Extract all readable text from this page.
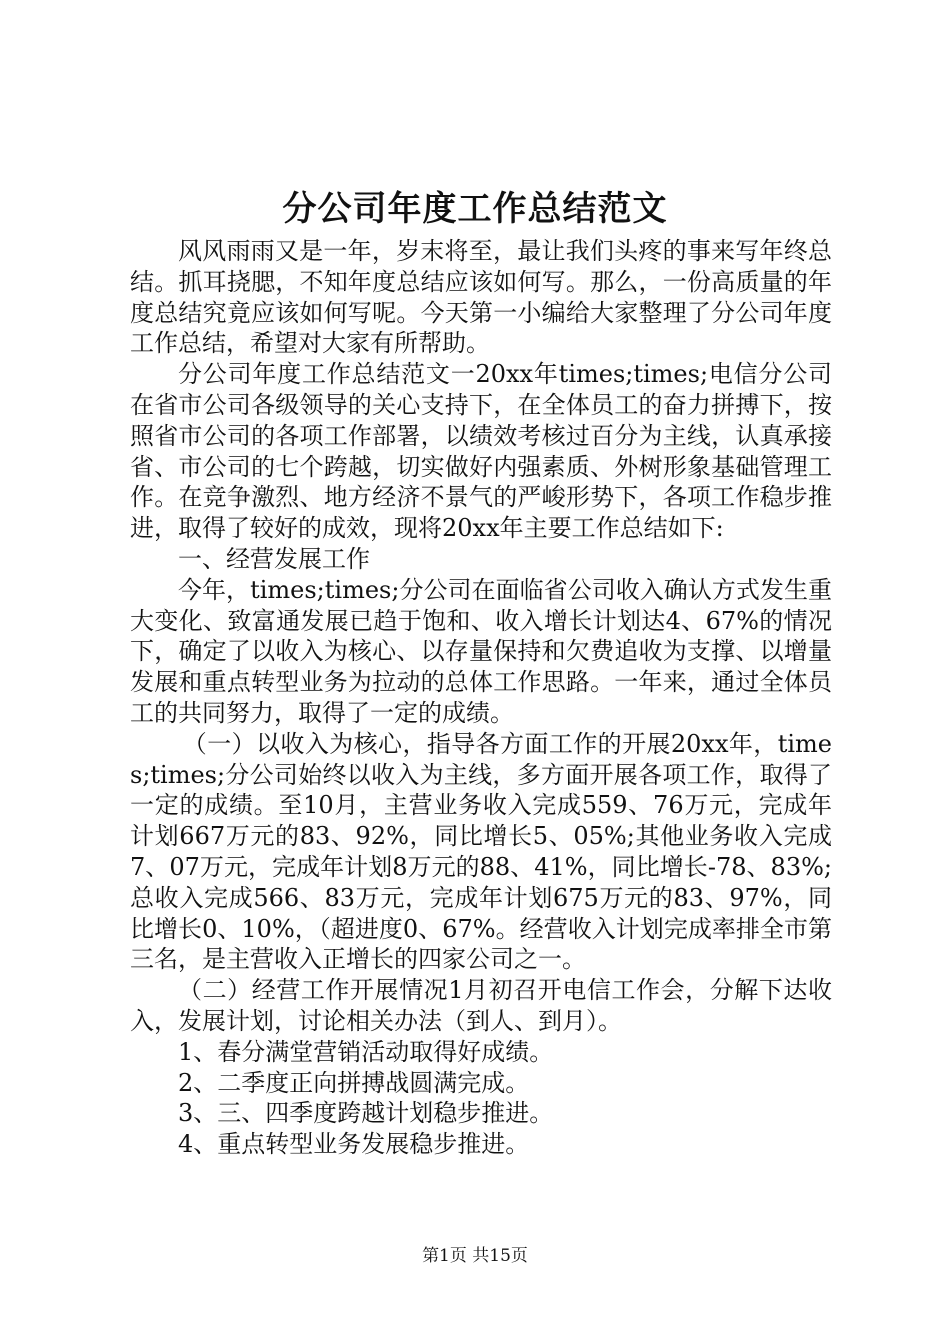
分公司年度工作总结范文

风风雨雨又是一年，岁末将至，最让我们头疼的事来写年终总结。抓耳挠腮，不知年度总结应该如何写。那么，一份高质量的年度总结究竟应该如何写呢。今天第一小编给大家整理了分公司年度工作总结，希望对大家有所帮助。

分公司年度工作总结范文一20xx年times;times;电信分公司在省市公司各级领导的关心支持下，在全体员工的奋力拼搏下，按照省市公司的各项工作部署，以绩效考核过百分为主线，认真承接省、市公司的七个跨越，切实做好内强素质、外树形象基础管理工作。在竞争激烈、地方经济不景气的严峻形势下，各项工作稳步推进，取得了较好的成效，现将20xx年主要工作总结如下:

一、经营发展工作

今年，times;times;分公司在面临省公司收入确认方式发生重大变化、致富通发展已趋于饱和、收入增长计划达4、67%的情况下，确定了以收入为核心、以存量保持和欠费追收为支撑、以增量发展和重点转型业务为拉动的总体工作思路。一年来，通过全体员工的共同努力，取得了一定的成绩。

（一）以收入为核心，指导各方面工作的开展20xx年，times;times;分公司始终以收入为主线，多方面开展各项工作，取得了一定的成绩。至10月，主营业务收入完成559、76万元，完成年计划667万元的83、92%，同比增长5、05%;其他业务收入完成7、07万元，完成年计划8万元的88、41%，同比增长-78、83%;总收入完成566、83万元，完成年计划675万元的83、97%，同比增长0、10%，（超进度0、67%。经营收入计划完成率排全市第三名，是主营收入正增长的四家公司之一。

（二）经营工作开展情况1月初召开电信工作会，分解下达收入，发展计划，讨论相关办法（到人、到月）。

1、春分满堂营销活动取得好成绩。

2、二季度正向拼搏战圆满完成。

3、三、四季度跨越计划稳步推进。

4、重点转型业务发展稳步推进。

第1页 共15页
